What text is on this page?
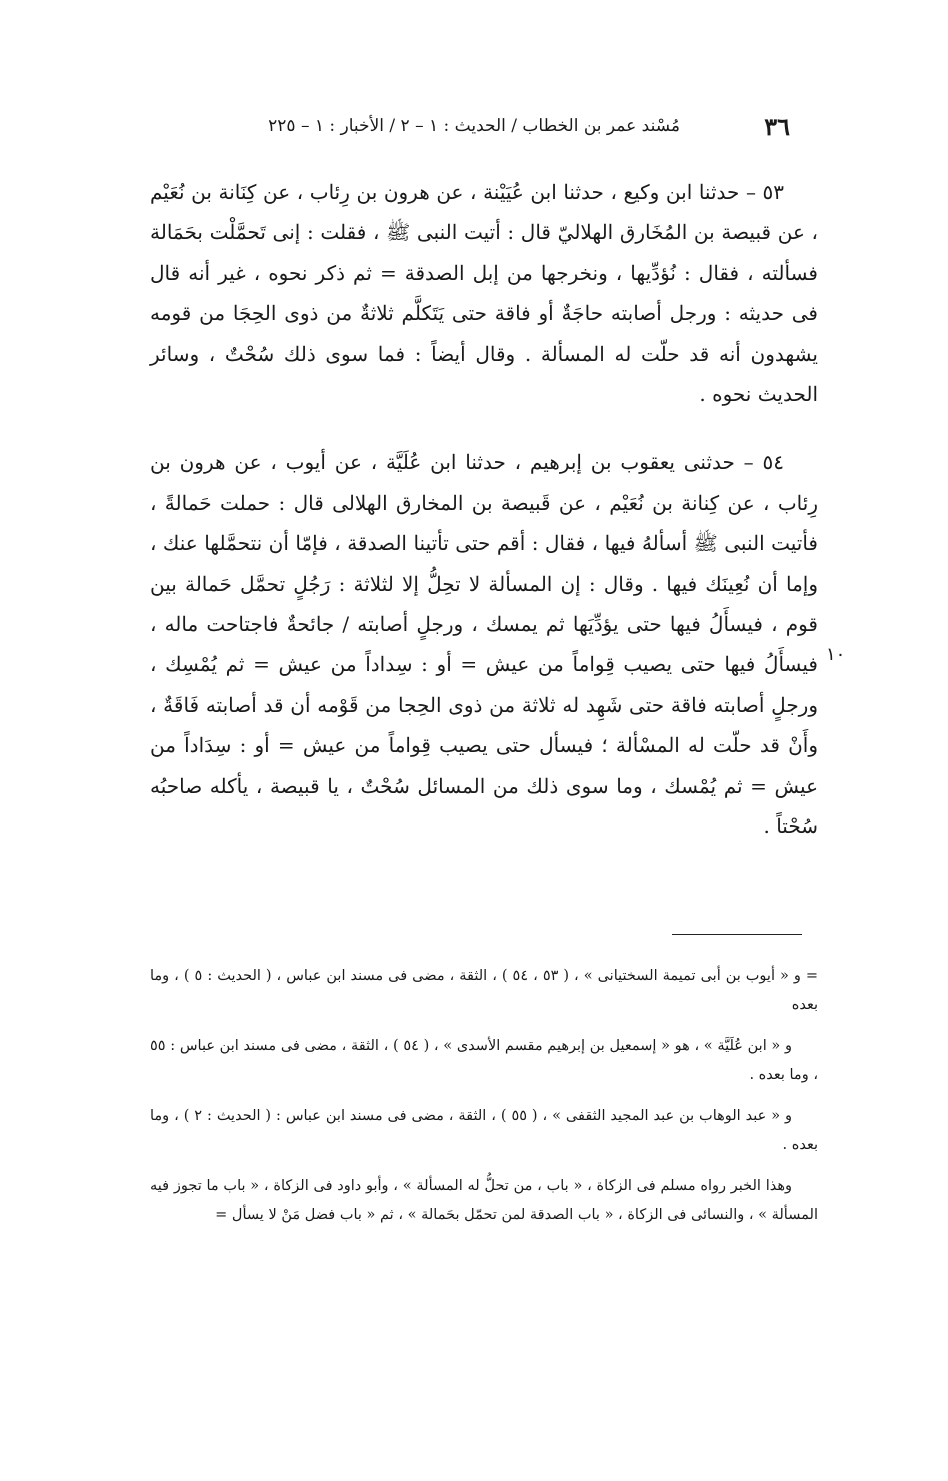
٣٦
مُسْند عمر بن الخطاب / الحديث : ١ – ٢ / الأخبار : ١ – ٢٢٥

٥٣ – حدثنا ابن وكيع ، حدثنا ابن عُيَيْنة ، عن هرون بن رِئاب ، عن كِنَانة بن نُعَيْم ، عن قبيصة بن المُخَارق الهلاليّ قال : أتيت النبى ﷺ ، فقلت : إنى تَحمَّلْت بحَمَالة فسألته ، فقال : نُؤدِّيها ، ونخرجها من إبل الصدقة = ثم ذكر نحوه ، غير أنه قال فى حديثه : ورجل أصابته حاجَةٌ أو فاقة حتى يَتَكلَّم ثلاثةٌ من ذوى الحِجَا من قومه يشهدون أنه قد حلّت له المسألة . وقال أيضاً : فما سوى ذلك سُحْتٌ ، وسائر الحديث نحوه .

٥٤ – حدثنى يعقوب بن إبرهيم ، حدثنا ابن عُلَيَّة ، عن أيوب ، عن هرون بن رِئاب ، عن كِنانة بن نُعَيْم ، عن قَبيصة بن المخارق الهلالى قال : حملت حَمالةً ، فأتيت النبى ﷺ أسألهُ فيها ، فقال : أقم حتى تأتينا الصدقة ، فإمّا أن نتحمَّلها عنك ، وإما أن نُعِينَك فيها . وقال : إن المسألة لا تحِلُّ إلا لثلاثة : رَجُلٍ تحمَّل حَمالة بين قوم ، فيسأَلُ فيها حتى يؤدِّيَها ثم يمسك ، ورجلٍ أصابته / جائحةٌ فاجتاحت ماله ، فيسأَلُ فيها حتى يصيب قِواماً من عيش = أو : سِداداً من عيش = ثم يُمْسِك ، ورجلٍ أصابته فاقة حتى شَهِد له ثلاثة من ذوى الحِجا من قَوْمه أن قد أصابته فَاقَةٌ ، وأَنْ قد حلّت له المسْألة ؛ فيسأل حتى يصيب قِواماً من عيش = أو : سِدَاداً من عيش = ثم يُمْسك ، وما سوى ذلك من المسائل سُحْتٌ ، يا قبيصة ، يأكله صاحبُه سُحْتاً .

١٠

= و « أيوب بن أبى تميمة السختيانى » ، ( ٥٣ ، ٥٤ ) ، الثقة ، مضى فى مسند ابن عباس ، ( الحديث : ٥ ) ، وما بعده

و « ابن عُلَيَّة » ، هو « إسمعيل بن إبرهيم مقسم الأسدى » ، ( ٥٤ ) ، الثقة ، مضى فى مسند ابن عباس : ٥٥ ، وما بعده .

و « عبد الوهاب بن عبد المجيد الثقفى » ، ( ٥٥ ) ، الثقة ، مضى فى مسند ابن عباس : ( الحديث : ٢ ) ، وما بعده .

وهذا الخبر رواه مسلم فى الزكاة ، « باب ، من تحلُّ له المسألة » ، وأبو داود فى الزكاة ، « باب ما تجوز فيه المسألة » ، والنسائى فى الزكاة ، « باب الصدقة لمن تحمّل بحَمالة » ، ثم « باب فضل مَنْ لا يسأل =
